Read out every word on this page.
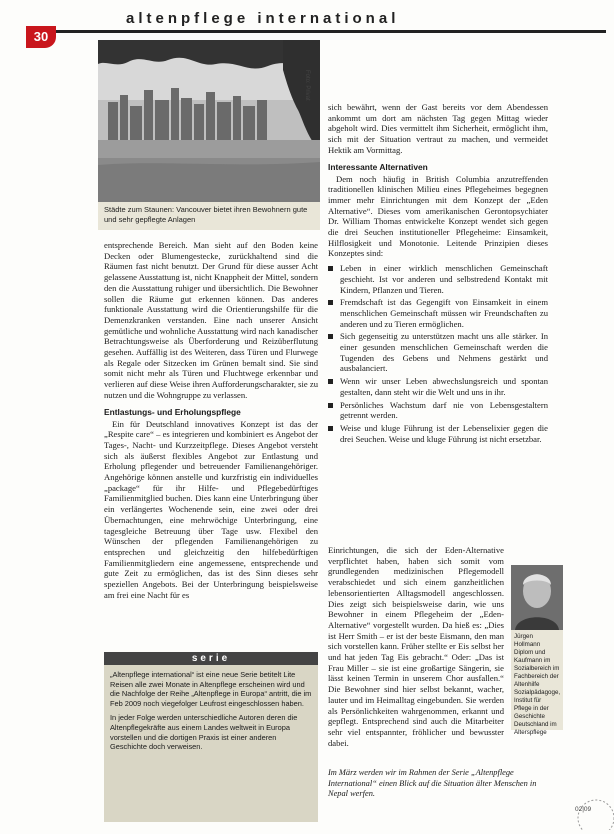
altenpflege international
30
Foto: Privat
Städte zum Staunen: Vancouver bietet ihren Bewohnern gute und sehr gepflegte Anlagen

entsprechende Bereich. Man sieht auf den Boden keine Decken oder Blumengestecke, zurückhaltend sind die Räumen fast nicht benutzt. Der Grund für diese ausser Acht gelassene Ausstattung ist, nicht Knappheit der Mittel, sondern den die Ausstattung ruhiger und übersichtlich. Die Bewohner sollen die Räume gut erkennen können. Das anderes funktionale Ausstattung wird die Orientierungshilfe für die Demenzkranken verstanden. Eine nach unserer Ansicht gemütliche und wohnliche Ausstattung wird nach kanadischer Betrachtungsweise als Überforderung und Reizüberflutung gesehen. Auffällig ist des Weiteren, dass Türen und Flurwege als Regale oder Sitzecken im Grünen bemalt sind. Sie sind somit nicht mehr als Türen und Fluchtwege erkennbar und verlieren auf diese Weise ihren Aufforderungscharakter, sie zu nutzen und die Wohngruppe zu verlassen.

Entlastungs- und Erholungspflege

Ein für Deutschland innovatives Konzept ist das der „Respite care“ – es integrieren und kombiniert es Angebot der Tages-, Nacht- und Kurzzeitpflege. Dieses Angebot versteht sich als äußerst flexibles Angebot zur Entlastung und Erholung pflegender und betreuender Familienangehöriger. Angehörige können anstelle und kurzfristig ein individuelles „package“ für ihr Hilfe- und Pflegebedürftiges Familienmitglied buchen. Dies kann eine Unterbringung über ein verlängertes Wochenende sein, eine zwei oder drei Übernachtungen, eine mehrwöchige Unterbringung, eine tagesgleiche Betreuung über Tage usw. Flexibel den Wünschen der pflegenden Familienangehörigen zu entsprechen und gleichzeitig den hilfebedürftigen Familienmitgliedern eine angemessene, entsprechende und gute Zeit zu ermöglichen, das ist des Sinn dieses sehr speziellen Angebots. Bei der Unterbringung beispielsweise am frei eine Nacht für es

serie

„Altenpflege international“ ist eine neue Serie betitelt Lite Reisen alle zwei Monate in Altenpflege erscheinen wird und die Nachfolge der Reihe „Altenpflege in Europa“ antritt, die im Feb 2009 noch viegefolger Leufrost eingeschlossen haben.

In jeder Folge werden unterschiedliche Autoren deren die Altenpflegekräfte aus einem Landes weltweit in Europa vorstellen und die dortigen Praxis ist einer anderen Geschichte doch verweisen.

sich bewährt, wenn der Gast bereits vor dem Abendessen ankommt um dort am nächsten Tag gegen Mittag wieder abgeholt wird. Dies vermittelt ihm Sicherheit, ermöglicht ihm, sich mit der Situation vertraut zu machen, und vermeidet Hektik am Vormittag.

Interessante Alternativen

Dem noch häufig in British Columbia anzutreffenden traditionellen klinischen Milieu eines Pflegeheimes begegnen immer mehr Einrichtungen mit dem Konzept der „Eden Alternative“. Dieses vom amerikanischen Gerontopsychiater Dr. William Thomas entwickelte Konzept wendet sich gegen die drei Seuchen institutioneller Pflegeheime: Einsamkeit, Hilflosigkeit und Monotonie. Leitende Prinzipien dieses Konzeptes sind:

Leben in einer wirklich menschlichen Gemeinschaft geschieht. Ist vor anderen und selbstredend Kontakt mit Kindern, Pflanzen und Tieren.
Fremdschaft ist das Gegengift von Einsamkeit in einem menschlichen Gemeinschaft müssen wir Freundschaften zu anderen und zu Tieren ermöglichen.
Sich gegenseitig zu unterstützen macht uns alle stärker. In einer gesunden menschlichen Gemeinschaft werden die Tugenden des Gebens und Nehmens gestärkt und ausbalanciert.
Wenn wir unser Leben abwechslungsreich und spontan gestalten, dann steht wir die Welt und uns in ihr.
Persönliches Wachstum darf nie von Lebensgestaltern getrennt werden.
Weise und kluge Führung ist der Lebenselixier gegen die drei Seuchen. Weise und kluge Führung ist nicht ersetzbar.

Einrichtungen, die sich der Eden-Alternative verpflichtet haben, haben sich somit vom grundlegenden medizinischen Pflegemodell verabschiedet und sich einem ganzheitlichen lebensorientierten Alltagsmodell angeschlossen. Dies zeigt sich beispielsweise darin, wie uns Bewohner in einem Pflegeheim der „Eden-Alternative“ vorgestellt wurden. Da hieß es: „Dies ist Herr Smith – er ist der beste Eismann, den man sich vorstellen kann. Früher stellte er Eis selbst her und hat jeden Tag Eis gebracht.“ Oder: „Das ist Frau Miller – sie ist eine großartige Sängerin, sie lässt keinen Termin in unserem Chor ausfallen.“ Die Bewohner sind hier selbst bekannt, wacher, lauter und im Heimalltag eingebunden. Sie werden als Persönlichkeiten wahrgenommen, erkannt und gepflegt. Entsprechend sind auch die Mitarbeiter sehr viel entspannter, fröhlicher und bewusster dabei.

Jürgen Hollmann Diplom und Kaufmann im Sozialbereich im Fachbereich der Altenhilfe Sozialpädagoge, Institut für Pflege in der Geschichte Deutschland im Alterspflege
Im März werden wir im Rahmen der Serie „Altenpflege International“ einen Blick auf die Situation älter Menschen in Nepal werfen.
02|09
